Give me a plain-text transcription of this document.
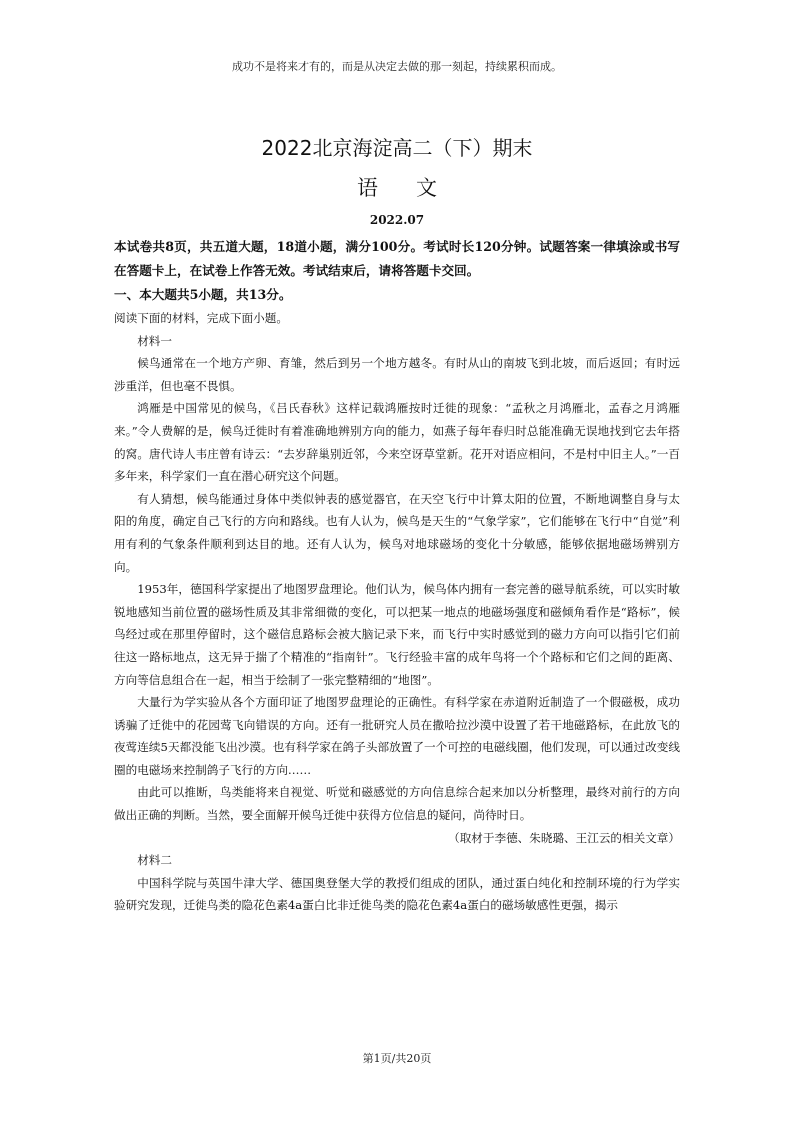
成功不是将来才有的，而是从决定去做的那一刻起，持续累积而成。
2022北京海淀高二（下）期末
语文
2022.07

本试卷共8页，共五道大题，18道小题，满分100分。考试时长120分钟。试题答案一律填涂或书写在答题卡上，在试卷上作答无效。考试结束后，请将答题卡交回。

一、本大题共5小题，共13分。

阅读下面的材料，完成下面小题。

材料一

候鸟通常在一个地方产卵、育雏，然后到另一个地方越冬。有时从山的南坡飞到北坡，而后返回；有时远涉重洋，但也毫不畏惧。

鸿雁是中国常见的候鸟，《吕氏春秋》这样记载鸿雁按时迁徙的现象：“孟秋之月鸿雁北，孟春之月鸿雁来。”令人费解的是，候鸟迁徙时有着准确地辨别方向的能力，如燕子每年春归时总能准确无误地找到它去年搭的窝。唐代诗人韦庄曾有诗云：“去岁辞巢别近邻，今来空讶草堂新。花开对语应相问，不是村中旧主人。”一百多年来，科学家们一直在潜心研究这个问题。

有人猜想，候鸟能通过身体中类似钟表的感觉器官，在天空飞行中计算太阳的位置，不断地调整自身与太阳的角度，确定自己飞行的方向和路线。也有人认为，候鸟是天生的“气象学家”，它们能够在飞行中“自觉”利用有利的气象条件顺利到达目的地。还有人认为，候鸟对地球磁场的变化十分敏感，能够依据地磁场辨别方向。

1953年，德国科学家提出了地图罗盘理论。他们认为，候鸟体内拥有一套完善的磁导航系统，可以实时敏锐地感知当前位置的磁场性质及其非常细微的变化，可以把某一地点的地磁场强度和磁倾角看作是“路标”，候鸟经过或在那里停留时，这个磁信息路标会被大脑记录下来，而飞行中实时感觉到的磁力方向可以指引它们前往这一路标地点，这无异于揣了个精准的“指南针”。飞行经验丰富的成年鸟将一个个路标和它们之间的距离、方向等信息组合在一起，相当于绘制了一张完整精细的“地图”。

大量行为学实验从各个方面印证了地图罗盘理论的正确性。有科学家在赤道附近制造了一个假磁极，成功诱骗了迁徙中的花园莺飞向错误的方向。还有一批研究人员在撒哈拉沙漠中设置了若干地磁路标，在此放飞的夜莺连续5天都没能飞出沙漠。也有科学家在鸽子头部放置了一个可控的电磁线圈，他们发现，可以通过改变线圈的电磁场来控制鸽子飞行的方向……

由此可以推断，鸟类能将来自视觉、听觉和磁感觉的方向信息综合起来加以分析整理，最终对前行的方向做出正确的判断。当然，要全面解开候鸟迁徙中获得方位信息的疑问，尚待时日。

（取材于李德、朱晓璐、王江云的相关文章）

材料二

中国科学院与英国牛津大学、德国奥登堡大学的教授们组成的团队，通过蛋白纯化和控制环境的行为学实验研究发现，迁徙鸟类的隐花色素4a蛋白比非迁徙鸟类的隐花色素4a蛋白的磁场敏感性更强，揭示

第1页/共20页
